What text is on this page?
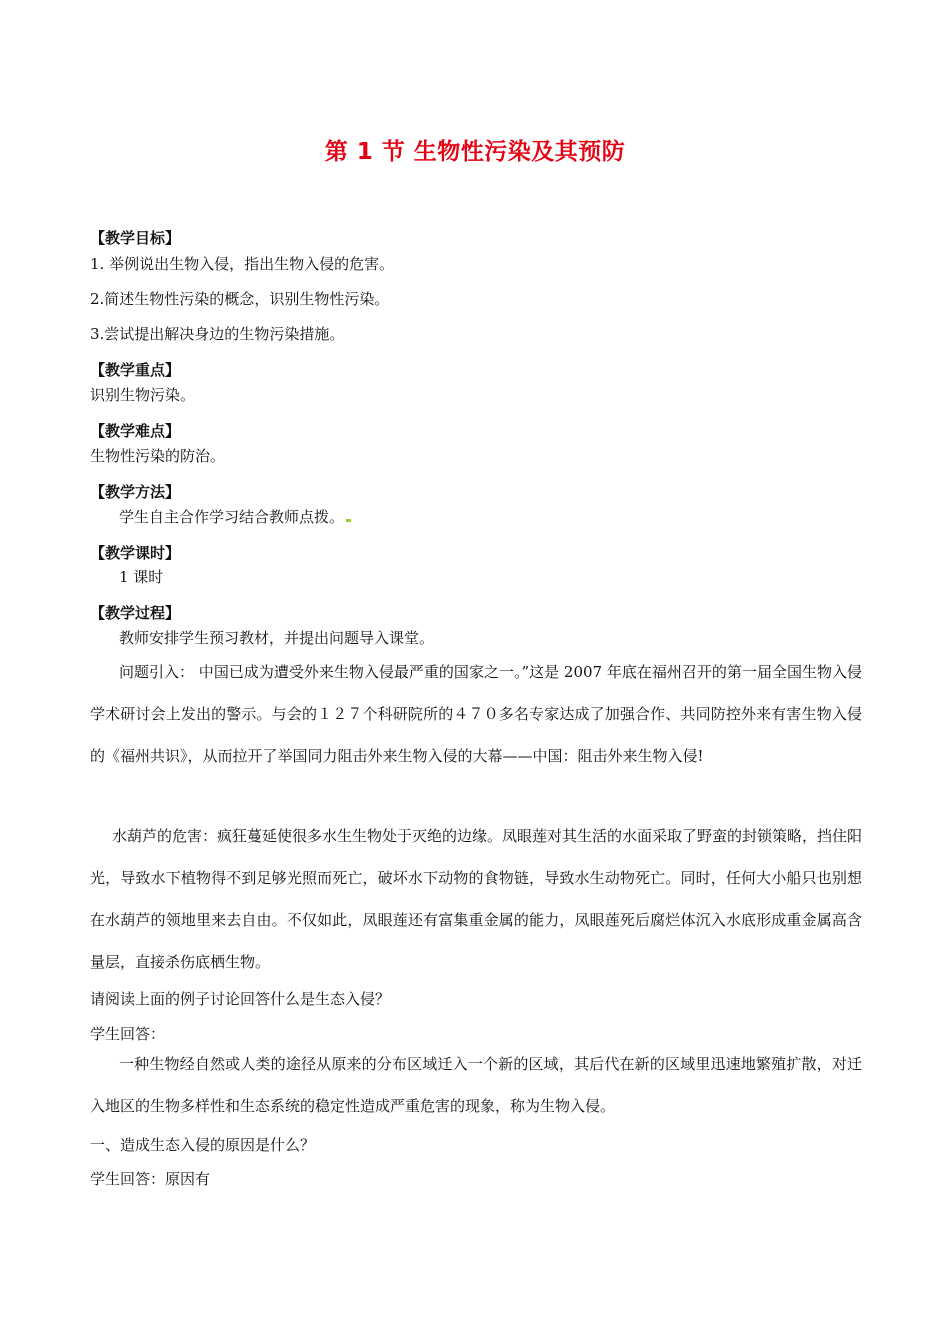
第 1 节 生物性污染及其预防
【教学目标】
1. 举例说出生物入侵，指出生物入侵的危害。
2.简述生物性污染的概念，识别生物性污染。
3.尝试提出解决身边的生物污染措施。
【教学重点】
识别生物污染。
【教学难点】
生物性污染的防治。
【教学方法】
学生自主合作学习结合教师点拨。
【教学课时】
1 课时
【教学过程】
教师安排学生预习教材，并提出问题导入课堂。
问题引入： 中国已成为遭受外来生物入侵最严重的国家之一。”这是 2007 年底在福州召开的第一届全国生物入侵学术研讨会上发出的警示。与会的１２７个科研院所的４７０多名专家达成了加强合作、共同防控外来有害生物入侵的《福州共识》，从而拉开了举国同力阻击外来生物入侵的大幕——中国：阻击外来生物入侵!
水葫芦的危害：疯狂蔓延使很多水生生物处于灭绝的边缘。凤眼莲对其生活的水面采取了野蛮的封锁策略，挡住阳光，导致水下植物得不到足够光照而死亡，破坏水下动物的食物链，导致水生动物死亡。同时，任何大小船只也别想在水葫芦的领地里来去自由。不仅如此，凤眼莲还有富集重金属的能力，凤眼莲死后腐烂体沉入水底形成重金属高含量层，直接杀伤底栖生物。
请阅读上面的例子讨论回答什么是生态入侵？
学生回答：
一种生物经自然或人类的途径从原来的分布区域迁入一个新的区域，其后代在新的区域里迅速地繁殖扩散，对迁入地区的生物多样性和生态系统的稳定性造成严重危害的现象，称为生物入侵。
一、造成生态入侵的原因是什么？
学生回答：原因有
